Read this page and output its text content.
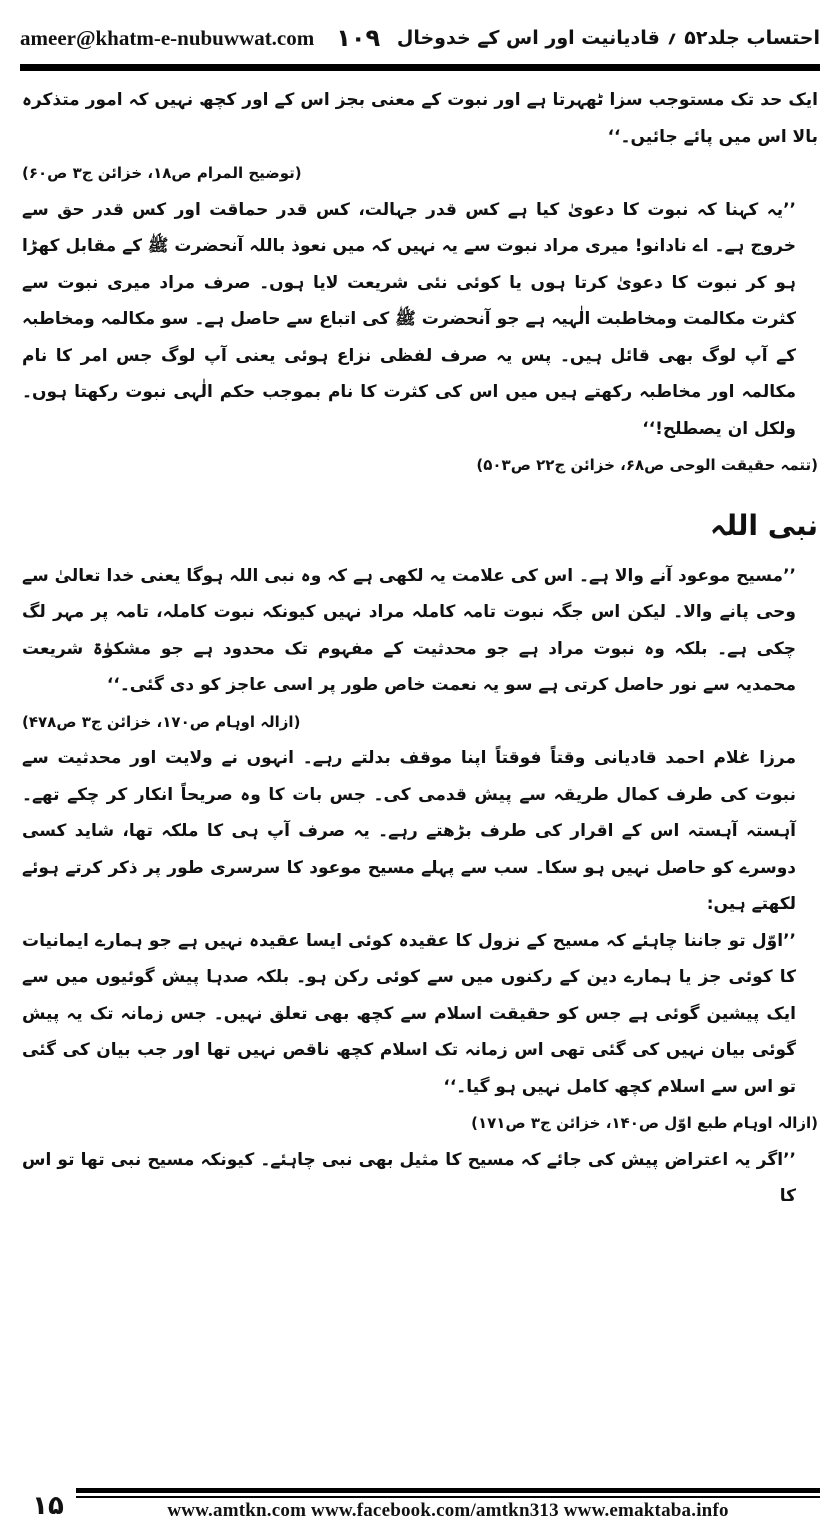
ameer@khatm-e-nubuwwat.com ١٠٩ احتساب جلد۵۲ ؍ قادیانیت اور اس کے خدوخال

ایک حد تک مستوجب سزا ٹھہرتا ہے اور نبوت کے معنی بجز اس کے اور کچھ نہیں کہ امور متذکرہ بالا اس میں پائے جائیں۔‘‘

(توضیح المرام ص۱۸، خزائن ج۳ ص۶۰)

’’یہ کہنا کہ نبوت کا دعویٰ کیا ہے کس قدر جہالت، کس قدر حماقت اور کس قدر حق سے خروج ہے۔ اے نادانو! میری مراد نبوت سے یہ نہیں کہ میں نعوذ باللہ آنحضرت ﷺ کے مقابل کھڑا ہو کر نبوت کا دعویٰ کرتا ہوں یا کوئی نئی شریعت لایا ہوں۔ صرف مراد میری نبوت سے کثرت مکالمت ومخاطبت الٰہیہ ہے جو آنحضرت ﷺ کی اتباع سے حاصل ہے۔ سو مکالمہ ومخاطبہ کے آپ لوگ بھی قائل ہیں۔ پس یہ صرف لفظی نزاع ہوئی یعنی آپ لوگ جس امر کا نام مکالمہ اور مخاطبہ رکھتے ہیں میں اس کی کثرت کا نام بموجب حکم الٰہی نبوت رکھتا ہوں۔ ولکل ان یصطلح!‘‘

(تتمہ حقیقت الوحی ص۶۸، خزائن ج۲۲ ص۵۰۳)

نبی اللہ

’’مسیح موعود آنے والا ہے۔ اس کی علامت یہ لکھی ہے کہ وہ نبی اللہ ہوگا یعنی خدا تعالیٰ سے وحی پانے والا۔ لیکن اس جگہ نبوت تامہ کاملہ مراد نہیں کیونکہ نبوت کاملہ، تامہ پر مہر لگ چکی ہے۔ بلکہ وہ نبوت مراد ہے جو محدثیت کے مفہوم تک محدود ہے جو مشکوٰۃ شریعت محمدیہ سے نور حاصل کرتی ہے سو یہ نعمت خاص طور پر اسی عاجز کو دی گئی۔‘‘

(ازالہ اوہام ص۱۷۰، خزائن ج۳ ص۴۷۸)

مرزا غلام احمد قادیانی وقتاً فوقتاً اپنا موقف بدلتے رہے۔ انہوں نے ولایت اور محدثیت سے نبوت کی طرف کمال طریقہ سے پیش قدمی کی۔ جس بات کا وہ صریحاً انکار کر چکے تھے۔ آہستہ آہستہ اس کے اقرار کی طرف بڑھتے رہے۔ یہ صرف آپ ہی کا ملکہ تھا، شاید کسی دوسرے کو حاصل نہیں ہو سکا۔ سب سے پہلے مسیح موعود کا سرسری طور پر ذکر کرتے ہوئے لکھتے ہیں:

’’اوّل تو جاننا چاہئے کہ مسیح کے نزول کا عقیدہ کوئی ایسا عقیدہ نہیں ہے جو ہمارے ایمانیات کا کوئی جز یا ہمارے دین کے رکنوں میں سے کوئی رکن ہو۔ بلکہ صدہا پیش گوئیوں میں سے ایک پیشین گوئی ہے جس کو حقیقت اسلام سے کچھ بھی تعلق نہیں۔ جس زمانہ تک یہ پیش گوئی بیان نہیں کی گئی تھی اس زمانہ تک اسلام کچھ ناقص نہیں تھا اور جب بیان کی گئی تو اس سے اسلام کچھ کامل نہیں ہو گیا۔‘‘

(ازالہ اوہام طبع اوّل ص۱۴۰، خزائن ج۳ ص۱۷۱)

’’اگر یہ اعتراض پیش کی جائے کہ مسیح کا مثیل بھی نبی چاہئے۔ کیونکہ مسیح نبی تھا تو اس کا

١۵	www.amtkn.com www.facebook.com/amtkn313 www.emaktaba.info
